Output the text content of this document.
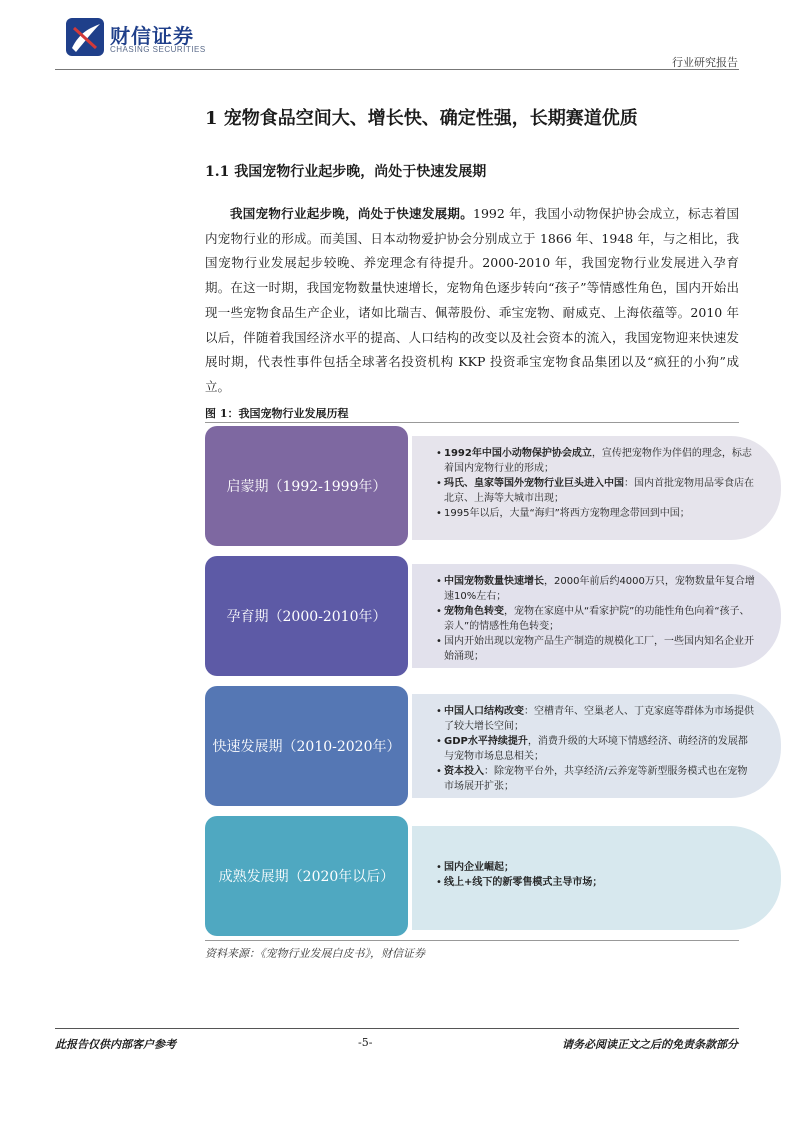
财信证券
CHASING SECURITIES
行业研究报告
1 宠物食品空间大、增长快、确定性强，长期赛道优质
1.1 我国宠物行业起步晚，尚处于快速发展期

我国宠物行业起步晚，尚处于快速发展期。1992 年，我国小动物保护协会成立，标志着国内宠物行业的形成。而美国、日本动物爱护协会分别成立于 1866 年、1948 年，与之相比，我国宠物行业发展起步较晚、养宠理念有待提升。2000-2010 年，我国宠物行业发展进入孕育期。在这一时期，我国宠物数量快速增长，宠物角色逐步转向“孩子”等情感性角色，国内开始出现一些宠物食品生产企业，诸如比瑞吉、佩蒂股份、乖宝宠物、耐威克、上海依蕴等。2010 年以后，伴随着我国经济水平的提高、人口结构的改变以及社会资本的流入，我国宠物迎来快速发展时期，代表性事件包括全球著名投资机构 KKP 投资乖宝宠物食品集团以及“疯狂的小狗”成立。

图 1：我国宠物行业发展历程

启蒙期（1992-1999年）
• 1992年中国小动物保护协会成立，宣传把宠物作为伴侣的理念，标志着国内宠物行业的形成；
• 玛氏、皇家等国外宠物行业巨头进入中国：国内首批宠物用品零食店在北京、上海等大城市出现；
• 1995年以后，大量“海归”将西方宠物理念带回到中国；
孕育期（2000-2010年）
• 中国宠物数量快速增长，2000年前后约4000万只，宠物数量年复合增速10%左右；
• 宠物角色转变，宠物在家庭中从“看家护院”的功能性角色向着“孩子、亲人”的情感性角色转变；
• 国内开始出现以宠物产品生产制造的规模化工厂，一些国内知名企业开始涌现；
快速发展期（2010-2020年）
• 中国人口结构改变：空槽青年、空巢老人、丁克家庭等群体为市场提供了较大增长空间；
• GDP水平持续提升，消费升级的大环境下情感经济、萌经济的发展都与宠物市场息息相关；
• 资本投入：除宠物平台外，共享经济/云养宠等新型服务模式也在宠物市场展开扩张；
成熟发展期（2020年以后）
• 国内企业崛起；
• 线上+线下的新零售模式主导市场；

资料来源：《宠物行业发展白皮书》，财信证券

此报告仅供内部客户参考	-5-	请务必阅读正文之后的免责条款部分
